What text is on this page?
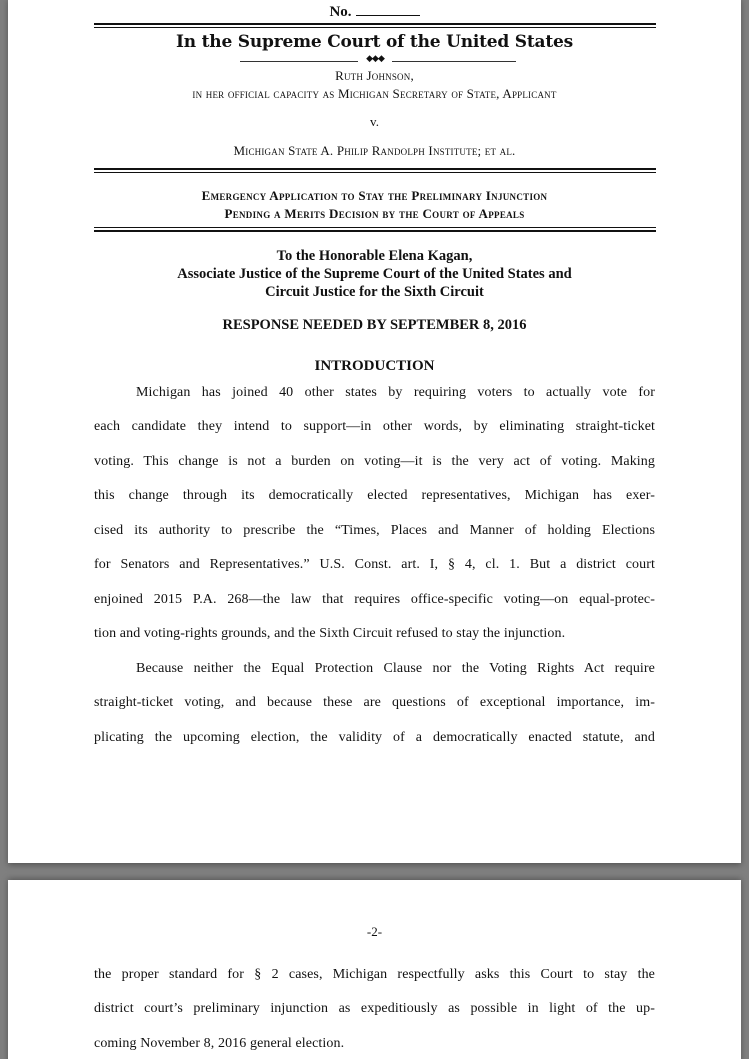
No.
In the Supreme Court of the United States
◆◆◆
Ruth Johnson,
in her official capacity as Michigan Secretary of State, Applicant
v.
Michigan State A. Philip Randolph Institute; et al.
Emergency Application to Stay the Preliminary Injunction
Pending a Merits Decision by the Court of Appeals
To the Honorable Elena Kagan,
Associate Justice of the Supreme Court of the United States and
Circuit Justice for the Sixth Circuit
RESPONSE NEEDED BY SEPTEMBER 8, 2016
INTRODUCTION
Michigan has joined 40 other states by requiring voters to actually vote for
each candidate they intend to support—in other words, by eliminating straight-ticket
voting. This change is not a burden on voting—it is the very act of voting. Making
this change through its democratically elected representatives, Michigan has exer-
cised its authority to prescribe the “Times, Places and Manner of holding Elections
for Senators and Representatives.” U.S. Const. art. I, § 4, cl. 1. But a district court
enjoined 2015 P.A. 268—the law that requires office-specific voting—on equal-protec-
tion and voting-rights grounds, and the Sixth Circuit refused to stay the injunction.
Because neither the Equal Protection Clause nor the Voting Rights Act require
straight-ticket voting, and because these are questions of exceptional importance, im-
plicating the upcoming election, the validity of a democratically enacted statute, and
-2-
the proper standard for § 2 cases, Michigan respectfully asks this Court to stay the
district court’s preliminary injunction as expeditiously as possible in light of the up-
coming November 8, 2016 general election.
